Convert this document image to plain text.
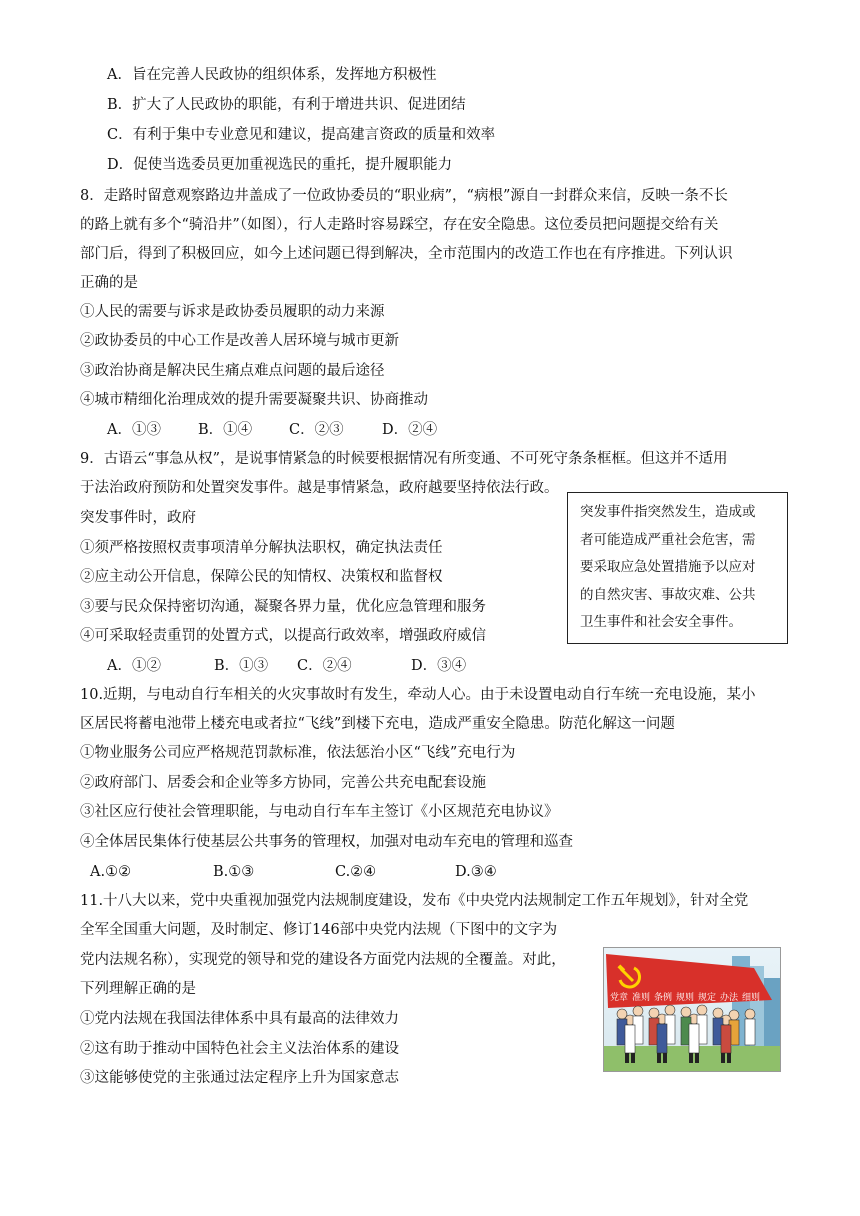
A．旨在完善人民政协的组织体系，发挥地方积极性
B．扩大了人民政协的职能，有利于增进共识、促进团结
C．有利于集中专业意见和建议，提高建言资政的质量和效率
D．促使当选委员更加重视选民的重托，提升履职能力
8．走路时留意观察路边井盖成了一位政协委员的“职业病”，“病根”源自一封群众来信，反映一条不长
的路上就有多个“骑沿井”（如图），行人走路时容易踩空，存在安全隐患。这位委员把问题提交给有关
部门后，得到了积极回应，如今上述问题已得到解决，全市范围内的改造工作也在有序推进。下列认识
正确的是
①人民的需要与诉求是政协委员履职的动力来源
②政协委员的中心工作是改善人居环境与城市更新
③政治协商是解决民生痛点难点问题的最后途径
④城市精细化治理成效的提升需要凝聚共识、协商推动
A．①③	B．①④	C．②③	D．②④
9．古语云“事急从权”，是说事情紧急的时候要根据情况有所变通、不可死守条条框框。但这并不适用
于法治政府预防和处置突发事件。越是事情紧急，政府越要坚持依法行政。
突发事件时，政府
①须严格按照权责事项清单分解执法职权，确定执法责任
②应主动公开信息，保障公民的知情权、决策权和监督权
③要与民众保持密切沟通，凝聚各界力量，优化应急管理和服务
④可采取轻责重罚的处置方式，以提高行政效率，增强政府威信
A．①②	B．①③	C．②④	D．③④
突发事件指突然发生，造成或
者可能造成严重社会危害，需
要采取应急处置措施予以应对
的自然灾害、事故灾难、公共
卫生事件和社会安全事件。
10.近期，与电动自行车相关的火灾事故时有发生，牵动人心。由于未设置电动自行车统一充电设施，某小
区居民将蓄电池带上楼充电或者拉“飞线”到楼下充电，造成严重安全隐患。防范化解这一问题
①物业服务公司应严格规范罚款标准，依法惩治小区“飞线”充电行为
②政府部门、居委会和企业等多方协同，完善公共充电配套设施
③社区应行使社会管理职能，与电动自行车车主签订《小区规范充电协议》
④全体居民集体行使基层公共事务的管理权，加强对电动车充电的管理和巡查
A.①②	B.①③	C.②④	D.③④
11.十八大以来，党中央重视加强党内法规制度建设，发布《中央党内法规制定工作五年规划》，针对全党
全军全国重大问题，及时制定、修订146部中央党内法规（下图中的文字为
党内法规名称），实现党的领导和党的建设各方面党内法规的全覆盖。对此，
下列理解正确的是
①党内法规在我国法律体系中具有最高的法律效力
②这有助于推动中国特色社会主义法治体系的建设
③这能够使党的主张通过法定程序上升为国家意志
党章 准则 条例 规则 规定 办法 细则
